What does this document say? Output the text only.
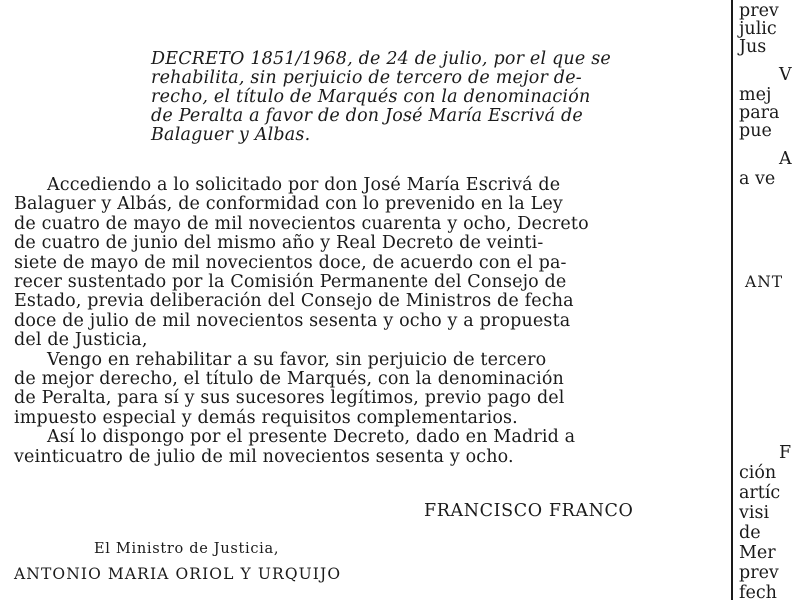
DECRETO 1851/1968, de 24 de julio, por el que se

rehabilita, sin perjuicio de tercero de mejor de-

recho, el título de Marqués con la denominación

de Peralta a favor de don José María Escrivá de

Balaguer y Albas.

Accediendo a lo solicitado por don José María Escrivá de
Balaguer y Albás, de conformidad con lo prevenido en la Ley
de cuatro de mayo de mil novecientos cuarenta y ocho, Decreto
de cuatro de junio del mismo año y Real Decreto de veinti-
siete de mayo de mil novecientos doce, de acuerdo con el pa-
recer sustentado por la Comisión Permanente del Consejo de
Estado, previa deliberación del Consejo de Ministros de fecha
doce de julio de mil novecientos sesenta y ocho y a propuesta
del de Justicia,

Vengo en rehabilitar a su favor, sin perjuicio de tercero
de mejor derecho, el título de Marqués, con la denominación
de Peralta, para sí y sus sucesores legítimos, previo pago del
impuesto especial y demás requisitos complementarios.

Así lo dispongo por el presente Decreto, dado en Madrid a
veinticuatro de julio de mil novecientos sesenta y ocho.

FRANCISCO FRANCO
El Ministro de Justicia,
ANTONIO MARIA ORIOL Y URQUIJO
prev
julic
Jus
V
mej
para
pue
A
a ve
ANT
F
ción
artíc
visi
de
Mer
prev
fech
